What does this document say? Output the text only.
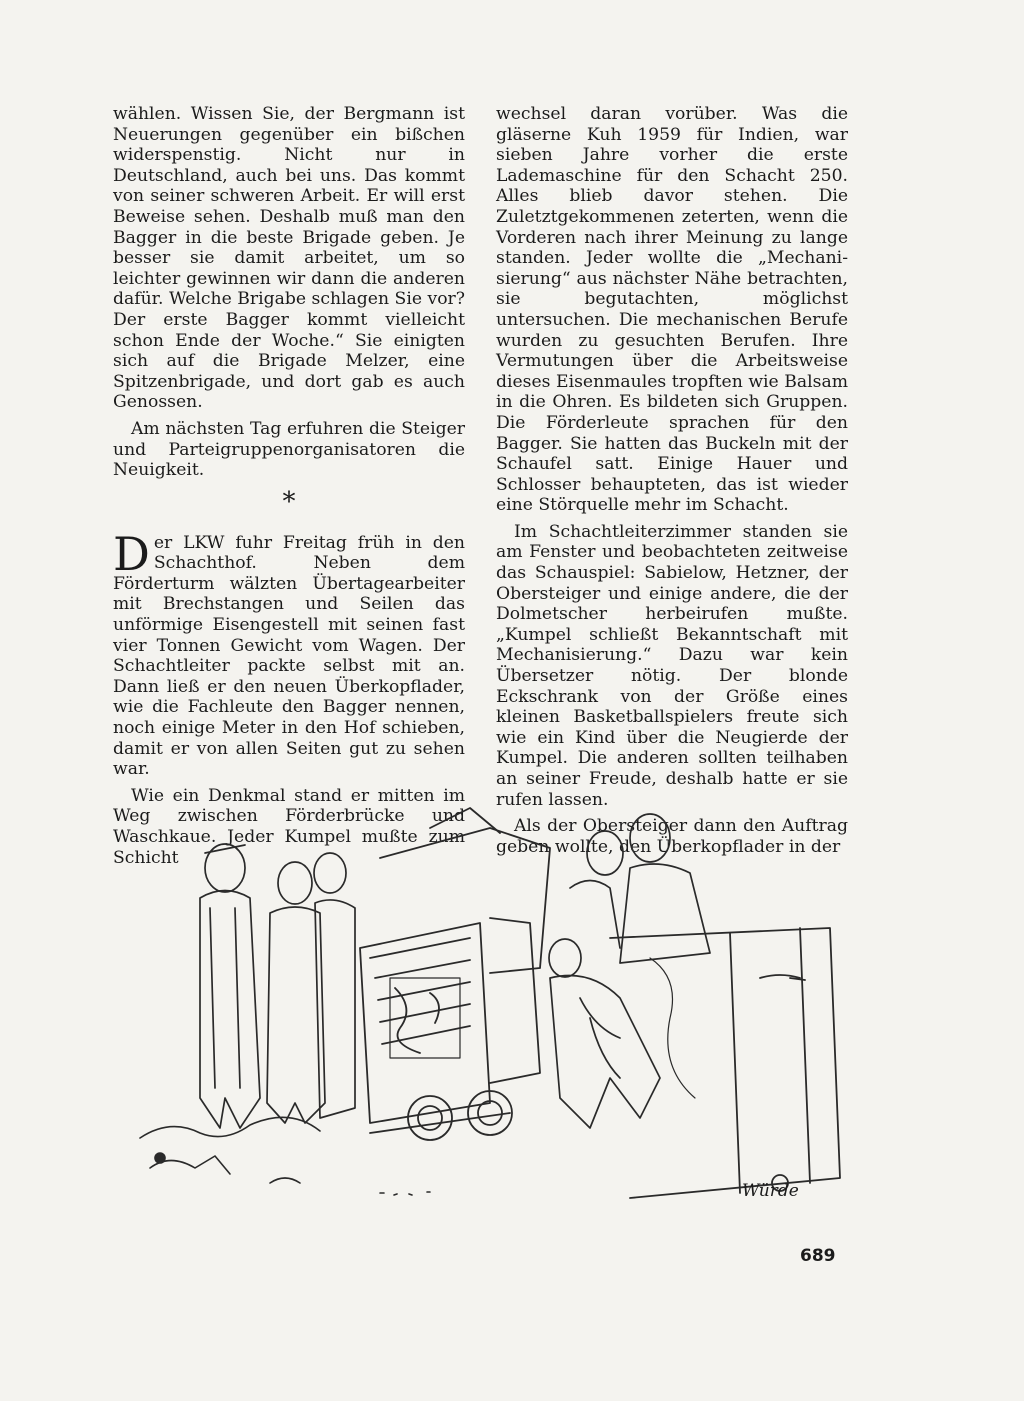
wählen. Wissen Sie, der Bergmann ist Neuerungen gegenüber ein bißchen widerspenstig. Nicht nur in Deutschland, auch bei uns. Das kommt von seiner schweren Arbeit. Er will erst Beweise sehen. Deshalb muß man den Bagger in die beste Brigade geben. Je besser sie damit arbeitet, um so leichter gewinnen wir dann die anderen dafür. Welche Brigabe schlagen Sie vor? Der erste Bagger kommt vielleicht schon Ende der Woche.“ Sie einigten sich auf die Brigade Melzer, eine Spitzenbrigade, und dort gab es auch Genossen.

Am nächsten Tag erfuhren die Steiger und Parteigruppenorganisatoren die Neuigkeit.

*

Der LKW fuhr Freitag früh in den Schachthof. Neben dem Förderturm wälzten Übertagearbeiter mit Brechstangen und Seilen das unförmige Eisengestell mit seinen fast vier Tonnen Gewicht vom Wagen. Der Schachtleiter packte selbst mit an. Dann ließ er den neuen Überkopflader, wie die Fachleute den Bagger nennen, noch einige Meter in den Hof schieben, damit er von allen Seiten gut zu sehen war.

Wie ein Denkmal stand er mitten im Weg zwischen Förderbrücke und Waschkaue. Jeder Kumpel mußte zum Schicht

wechsel daran vorüber. Was die gläserne Kuh 1959 für Indien, war sieben Jahre vorher die erste Lademaschine für den Schacht 250. Alles blieb davor stehen. Die Zuletztgekommenen zeterten, wenn die Vorderen nach ihrer Meinung zu lange standen. Jeder wollte die „Mechanisierung“ aus nächster Nähe betrachten, sie begutachten, möglichst untersuchen. Die mechanischen Berufe wurden zu gesuchten Berufen. Ihre Vermutungen über die Arbeitsweise dieses Eisenmaules tropften wie Balsam in die Ohren. Es bildeten sich Gruppen. Die Förderleute sprachen für den Bagger. Sie hatten das Buckeln mit der Schaufel satt. Einige Hauer und Schlosser behaupteten, das ist wieder eine Störquelle mehr im Schacht.

Im Schachtleiterzimmer standen sie am Fenster und beobachteten zeitweise das Schauspiel: Sabielow, Hetzner, der Obersteiger und einige andere, die der Dolmetscher herbeirufen mußte. „Kumpel schließt Bekanntschaft mit Mechanisierung.“ Dazu war kein Übersetzer nötig. Der blonde Eckschrank von der Größe eines kleinen Basketballspielers freute sich wie ein Kind über die Neugierde der Kumpel. Die anderen sollten teilhaben an seiner Freude, deshalb hatte er sie rufen lassen.

Als der Obersteiger dann den Auftrag geben wollte, den Überkopflader in der

Würde
689
